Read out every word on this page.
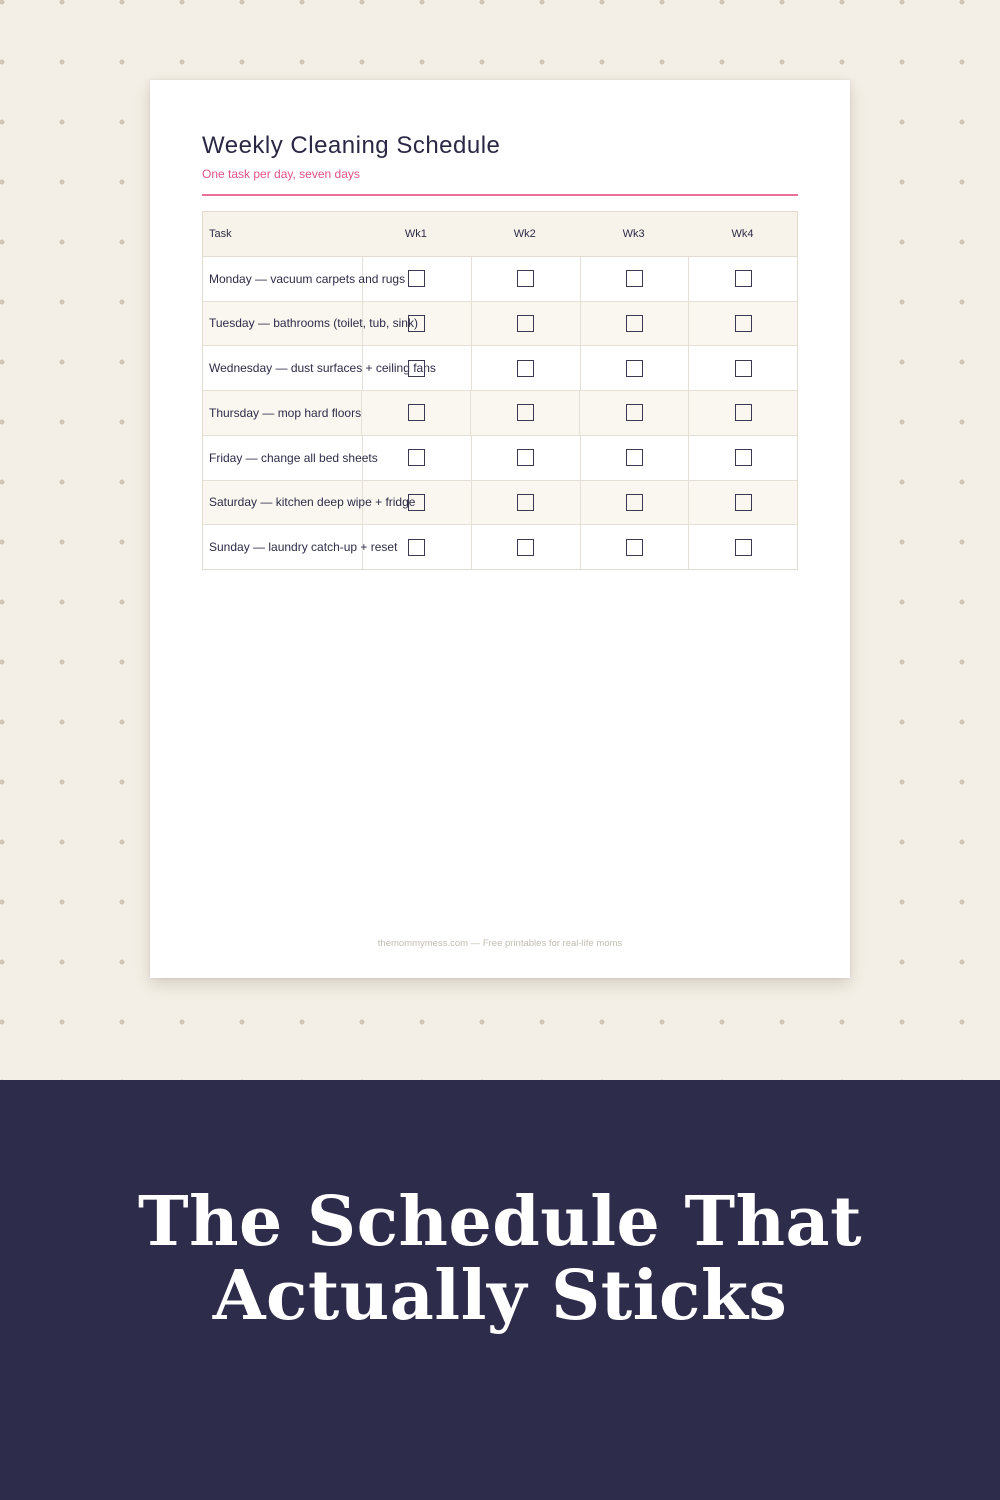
Weekly Cleaning Schedule
One task per day, seven days
Task	Wk1	Wk2	Wk3	Wk4
Monday — vacuum carpets and rugs
Tuesday — bathrooms (toilet, tub, sink)
Wednesday — dust surfaces + ceiling fans
Thursday — mop hard floors
Friday — change all bed sheets
Saturday — kitchen deep wipe + fridge
Sunday — laundry catch-up + reset
themommymess.com — Free printables for real-life moms
The Schedule That
Actually Sticks
